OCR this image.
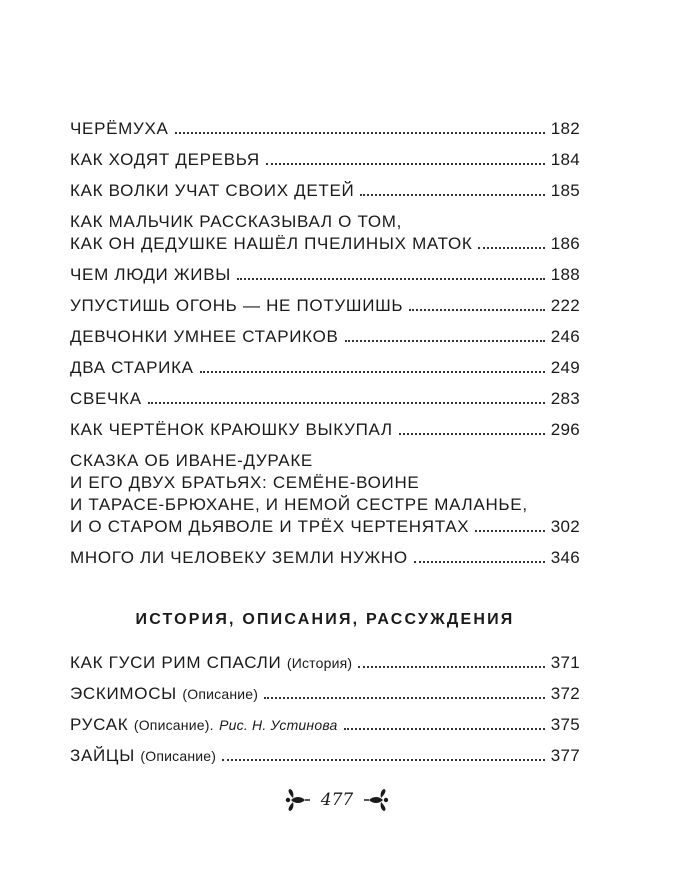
ЧЕРЁМУХА	182
КАК ХОДЯТ ДЕРЕВЬЯ	184
КАК ВОЛКИ УЧАТ СВОИХ ДЕТЕЙ	185
КАК МАЛЬЧИК РАССКАЗЫВАЛ О ТОМ,
КАК ОН ДЕДУШКЕ НАШЁЛ ПЧЕЛИНЫХ МАТОК	186
ЧЕМ ЛЮДИ ЖИВЫ	188
УПУСТИШЬ ОГОНЬ — НЕ ПОТУШИШЬ	222
ДЕВЧОНКИ УМНЕЕ СТАРИКОВ	246
ДВА СТАРИКА	249
СВЕЧКА	283
КАК ЧЕРТЁНОК КРАЮШКУ ВЫКУПАЛ	296
СКАЗКА ОБ ИВАНЕ-ДУРАКЕ
И ЕГО ДВУХ БРАТЬЯХ: СЕМЁНЕ-ВОИНЕ
И ТАРАСЕ-БРЮХАНЕ, И НЕМОЙ СЕСТРЕ МАЛАНЬЕ,
И О СТАРОМ ДЬЯВОЛЕ И ТРЁХ ЧЕРТЕНЯТАХ	302
МНОГО ЛИ ЧЕЛОВЕКУ ЗЕМЛИ НУЖНО	346
ИСТОРИЯ, ОПИСАНИЯ, РАССУЖДЕНИЯ
КАК ГУСИ РИМ СПАСЛИ (История)	371
ЭСКИМОСЫ (Описание)	372
РУСАК (Описание). Рис. Н. Устинова	375
ЗАЙЦЫ (Описание)	377
477
